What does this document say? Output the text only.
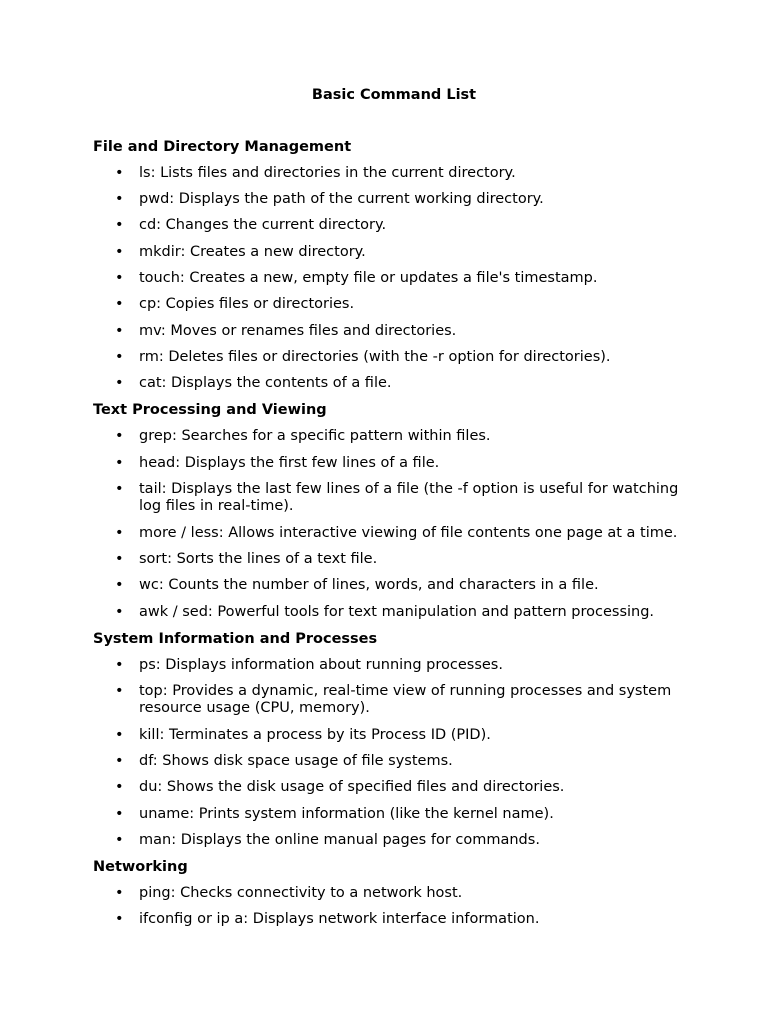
Basic Command List
File and Directory Management
• ls: Lists files and directories in the current directory.
• pwd: Displays the path of the current working directory.
• cd: Changes the current directory.
• mkdir: Creates a new directory.
• touch: Creates a new, empty file or updates a file's timestamp.
• cp: Copies files or directories.
• mv: Moves or renames files and directories.
• rm: Deletes files or directories (with the -r option for directories).
• cat: Displays the contents of a file.
Text Processing and Viewing
• grep: Searches for a specific pattern within files.
• head: Displays the first few lines of a file.
• tail: Displays the last few lines of a file (the -f option is useful for watching log files in real-time).
• more / less: Allows interactive viewing of file contents one page at a time.
• sort: Sorts the lines of a text file.
• wc: Counts the number of lines, words, and characters in a file.
• awk / sed: Powerful tools for text manipulation and pattern processing.
System Information and Processes
• ps: Displays information about running processes.
• top: Provides a dynamic, real-time view of running processes and system resource usage (CPU, memory).
• kill: Terminates a process by its Process ID (PID).
• df: Shows disk space usage of file systems.
• du: Shows the disk usage of specified files and directories.
• uname: Prints system information (like the kernel name).
• man: Displays the online manual pages for commands.
Networking
• ping: Checks connectivity to a network host.
• ifconfig or ip a: Displays network interface information.
